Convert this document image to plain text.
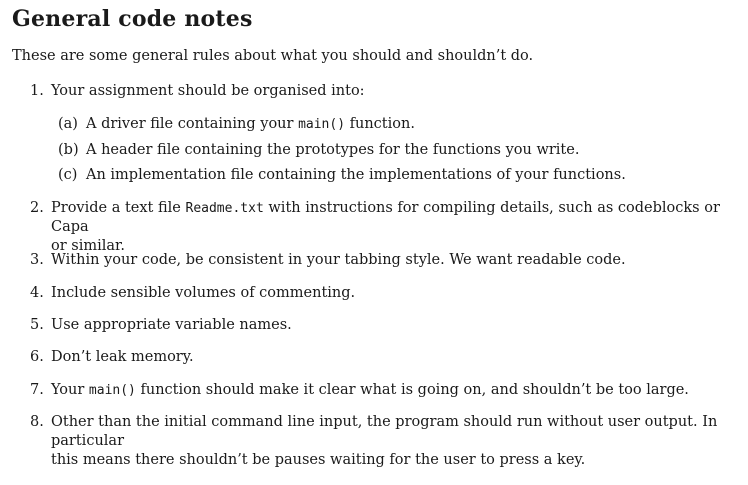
General code notes
These are some general rules about what you should and shouldn’t do.
1. Your assignment should be organised into:
(a) A driver file containing your main() function.
(b) A header file containing the prototypes for the functions you write.
(c) An implementation file containing the implementations of your functions.
2. Provide a text file Readme.txt with instructions for compiling details, such as codeblocks or Capa
or similar.
3. Within your code, be consistent in your tabbing style. We want readable code.
4. Include sensible volumes of commenting.
5. Use appropriate variable names.
6. Don’t leak memory.
7. Your main() function should make it clear what is going on, and shouldn’t be too large.
8. Other than the initial command line input, the program should run without user output. In particular
this means there shouldn’t be pauses waiting for the user to press a key.
